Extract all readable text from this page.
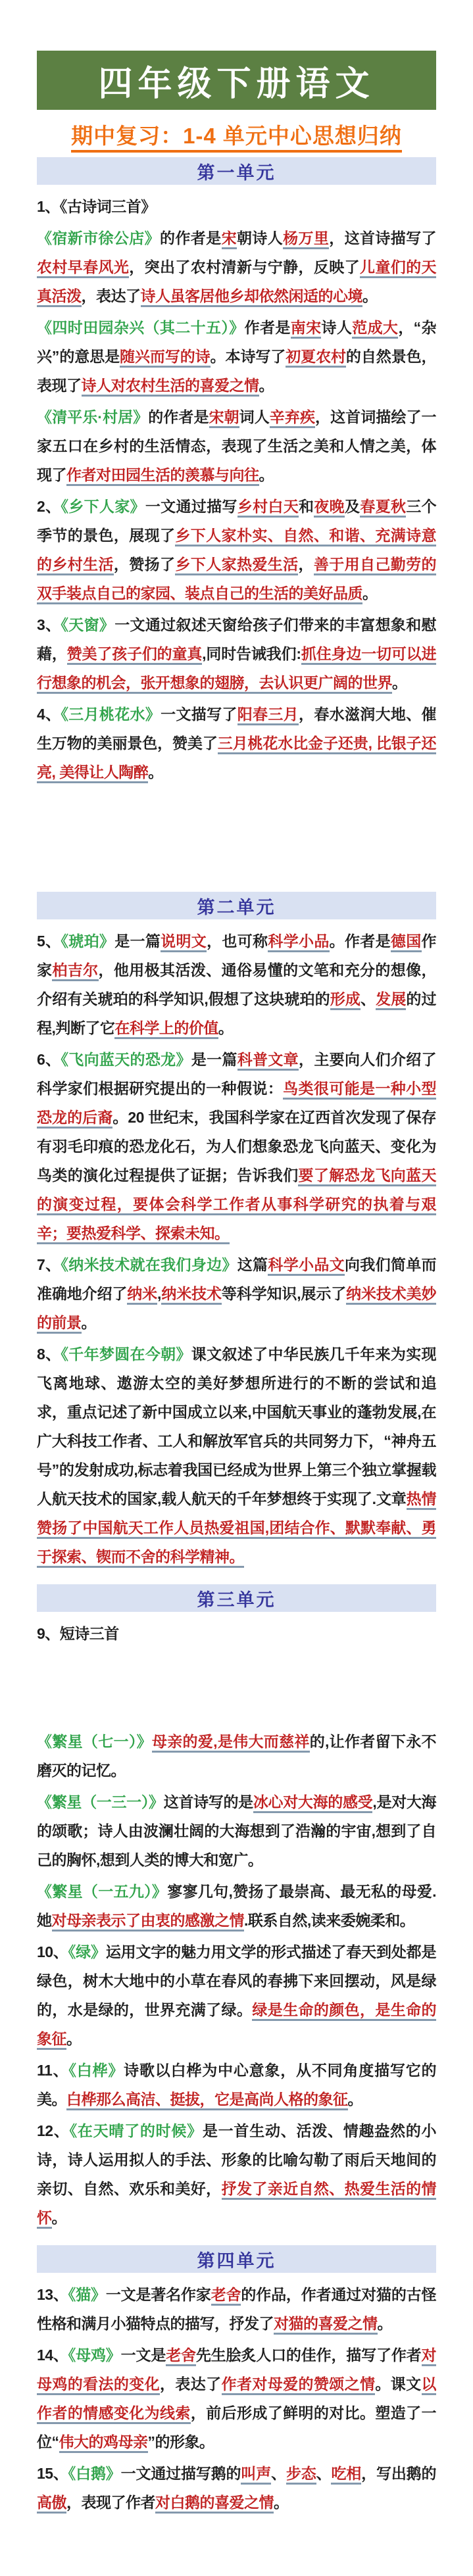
四年级下册语文
期中复习：1-4 单元中心思想归纳
第一单元

1、《古诗词三首》

《宿新市徐公店》的作者是宋朝诗人杨万里，这首诗描写了农村早春风光，突出了农村清新与宁静，反映了儿童们的天真活泼，表达了诗人虽客居他乡却依然闲适的心境。

《四时田园杂兴（其二十五）》作者是南宋诗人范成大，“杂兴”的意思是随兴而写的诗。本诗写了初夏农村的自然景色，表现了诗人对农村生活的喜爱之情。

《清平乐·村居》的作者是宋朝词人辛弃疾，这首词描绘了一家五口在乡村的生活情态，表现了生活之美和人情之美，体现了作者对田园生活的羡慕与向往。

2、《乡下人家》一文通过描写乡村白天和夜晚及春夏秋三个季节的景色，展现了乡下人家朴实、自然、和谐、充满诗意的乡村生活，赞扬了乡下人家热爱生活，善于用自己勤劳的双手装点自己的家园、装点自己的生活的美好品质。

3、《天窗》一文通过叙述天窗给孩子们带来的丰富想象和慰藉，赞美了孩子们的童真,同时告诫我们:抓住身边一切可以进行想象的机会，张开想象的翅膀，去认识更广阔的世界。

4、《三月桃花水》一文描写了阳春三月，春水滋润大地、催生万物的美丽景色，赞美了三月桃花水比金子还贵, 比银子还亮, 美得让人陶醉。

第二单元

5、《琥珀》是一篇说明文，也可称科学小品。作者是德国作家柏吉尔，他用极其活泼、通俗易懂的文笔和充分的想像，介绍有关琥珀的科学知识,假想了这块琥珀的形成、发展的过程,判断了它在科学上的价值。

6、《飞向蓝天的恐龙》是一篇科普文章，主要向人们介绍了科学家们根据研究提出的一种假说：鸟类很可能是一种小型恐龙的后裔。20 世纪末，我国科学家在辽西首次发现了保存有羽毛印痕的恐龙化石，为人们想象恐龙飞向蓝天、变化为鸟类的演化过程提供了证据；告诉我们要了解恐龙飞向蓝天的演变过程，要体会科学工作者从事科学研究的执着与艰辛；要热爱科学、探索未知。

7、《纳米技术就在我们身边》这篇科学小品文向我们简单而准确地介绍了纳米,纳米技术等科学知识,展示了纳米技术美妙的前景。

8、《千年梦圆在今朝》课文叙述了中华民族几千年来为实现飞离地球、遨游太空的美好梦想所进行的不断的尝试和追求，重点记述了新中国成立以来,中国航天事业的蓬勃发展,在广大科技工作者、工人和解放军官兵的共同努力下，“神舟五号”的发射成功,标志着我国已经成为世界上第三个独立掌握载人航天技术的国家,载人航天的千年梦想终于实现了.文章热情赞扬了中国航天工作人员热爱祖国,团结合作、默默奉献、勇于探索、锲而不舍的科学精神。

第三单元

9、短诗三首

《繁星（七一）》母亲的爱,是伟大而慈祥的,让作者留下永不磨灭的记忆。

《繁星（一三一）》这首诗写的是冰心对大海的感受,是对大海的颂歌；诗人由波澜壮阔的大海想到了浩瀚的宇宙,想到了自己的胸怀,想到人类的博大和宽广。

《繁星（一五九）》寥寥几句,赞扬了最崇高、最无私的母爱.她对母亲表示了由衷的感激之情.联系自然,读来委婉柔和。

10、《绿》运用文字的魅力用文学的形式描述了春天到处都是绿色，树木大地中的小草在春风的春拂下来回摆动，风是绿的，水是绿的，世界充满了绿。绿是生命的颜色，是生命的象征。

11、《白桦》诗歌以白桦为中心意象，从不同角度描写它的美。白桦那么高洁、挺拔，它是高尚人格的象征。

12、《在天晴了的时候》是一首生动、活泼、情趣盎然的小诗，诗人运用拟人的手法、形象的比喻勾勒了雨后天地间的亲切、自然、欢乐和美好，抒发了亲近自然、热爱生活的情怀。

第四单元

13、《猫》一文是著名作家老舍的作品，作者通过对猫的古怪性格和满月小猫特点的描写，抒发了对猫的喜爱之情。

14、《母鸡》一文是老舍先生脍炙人口的佳作，描写了作者对母鸡的看法的变化，表达了作者对母爱的赞颂之情。课文以作者的情感变化为线索，前后形成了鲜明的对比。塑造了一位“伟大的鸡母亲”的形象。

15、《白鹅》一文通过描写鹅的叫声、步态、吃相，写出鹅的高傲，表现了作者对白鹅的喜爱之情。
